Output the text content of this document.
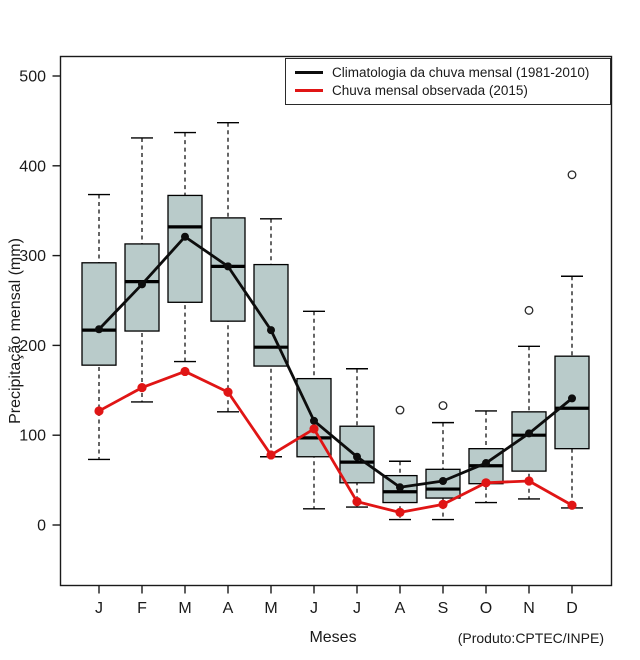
0
100
200
300
400
500
J F M A M J J A S O N D
Precipitação mensal (mm)
Climatologia da chuva mensal (1981-2010)
Chuva mensal observada (2015)
Meses	(Produto:CPTEC/INPE)
